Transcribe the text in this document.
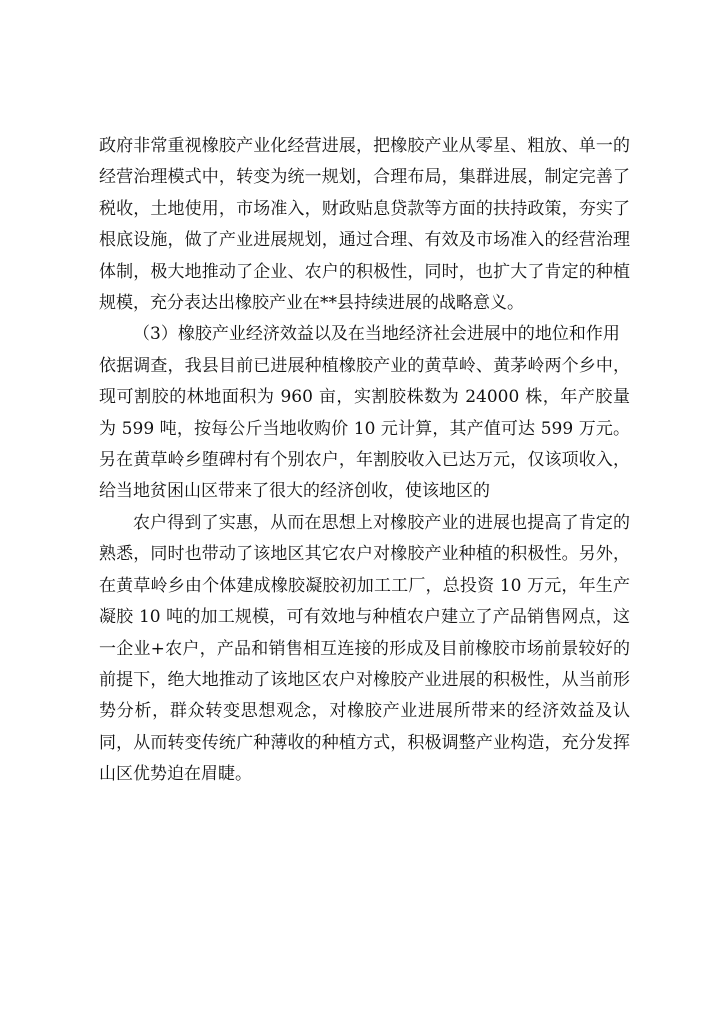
政府非常重视橡胶产业化经营进展，把橡胶产业从零星、粗放、单一的经营治理模式中，转变为统一规划，合理布局，集群进展，制定完善了税收，土地使用，市场准入，财政贴息贷款等方面的扶持政策，夯实了根底设施，做了产业进展规划，通过合理、有效及市场准入的经营治理体制，极大地推动了企业、农户的积极性，同时，也扩大了肯定的种植规模，充分表达出橡胶产业在**县持续进展的战略意义。

（3）橡胶产业经济效益以及在当地经济社会进展中的地位和作用

依据调查，我县目前已进展种植橡胶产业的黄草岭、黄茅岭两个乡中，现可割胶的林地面积为 960 亩，实割胶株数为 24000 株，年产胶量为 599 吨，按每公斤当地收购价 10 元计算，其产值可达 599 万元。另在黄草岭乡堕碑村有个别农户，年割胶收入已达万元，仅该项收入，给当地贫困山区带来了很大的经济创收，使该地区的

农户得到了实惠，从而在思想上对橡胶产业的进展也提高了肯定的熟悉，同时也带动了该地区其它农户对橡胶产业种植的积极性。另外，在黄草岭乡由个体建成橡胶凝胶初加工工厂，总投资 10 万元，年生产凝胶 10 吨的加工规模，可有效地与种植农户建立了产品销售网点，这一企业+农户，产品和销售相互连接的形成及目前橡胶市场前景较好的前提下，绝大地推动了该地区农户对橡胶产业进展的积极性，从当前形势分析，群众转变思想观念，对橡胶产业进展所带来的经济效益及认同，从而转变传统广种薄收的种植方式，积极调整产业构造，充分发挥山区优势迫在眉睫。
